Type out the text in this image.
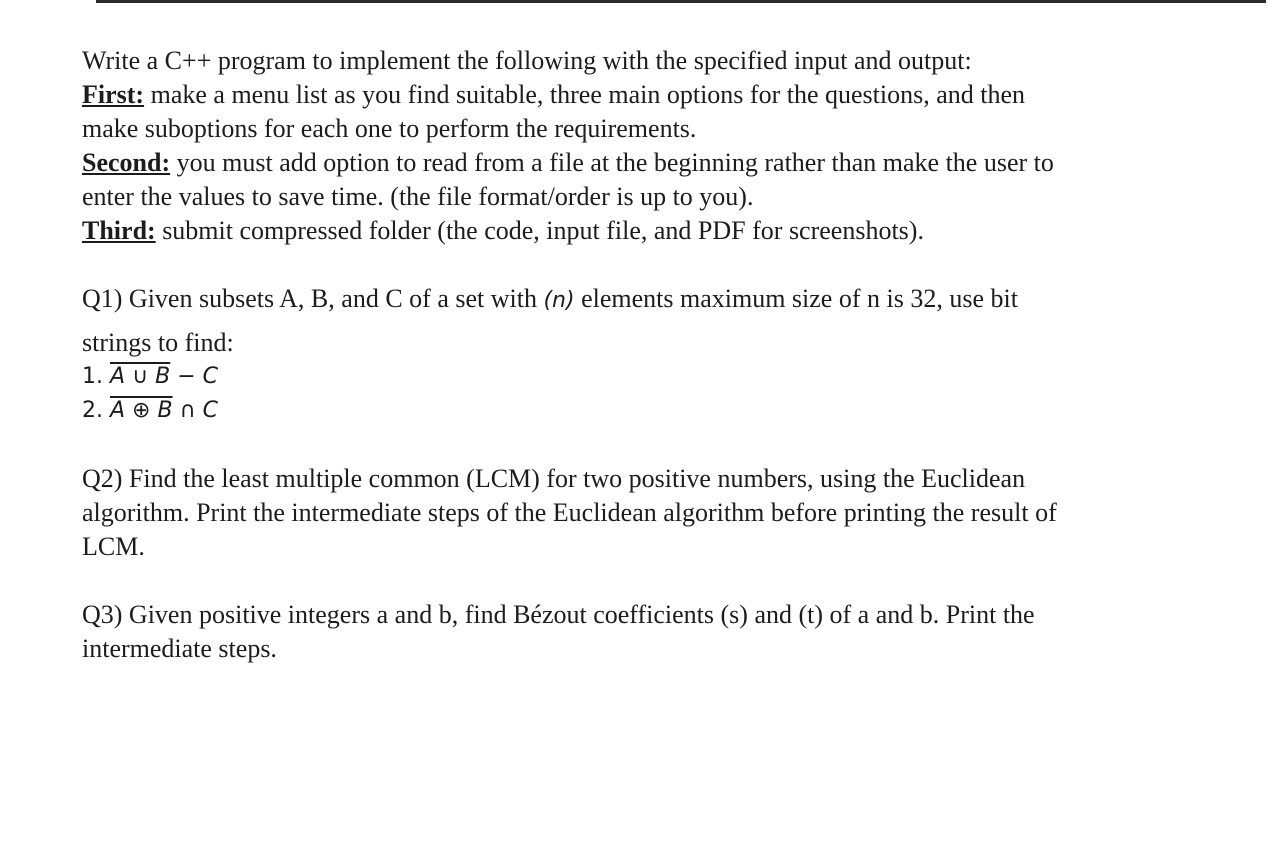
Write a C++ program to implement the following with the specified input and output:
First: make a menu list as you find suitable, three main options for the questions, and then
make suboptions for each one to perform the requirements.
Second: you must add option to read from a file at the beginning rather than make the user to
enter the values to save time. (the file format/order is up to you).
Third: submit compressed folder (the code, input file, and PDF for screenshots).
Q1) Given subsets A, B, and C of a set with (n) elements maximum size of n is 32, use bit
strings to find:
1. A ∪ B − C
2. A ⊕ B ∩ C
Q2) Find the least multiple common (LCM) for two positive numbers, using the Euclidean
algorithm. Print the intermediate steps of the Euclidean algorithm before printing the result of
LCM.
Q3) Given positive integers a and b, find Bézout coefficients (s) and (t) of a and b. Print the
intermediate steps.
